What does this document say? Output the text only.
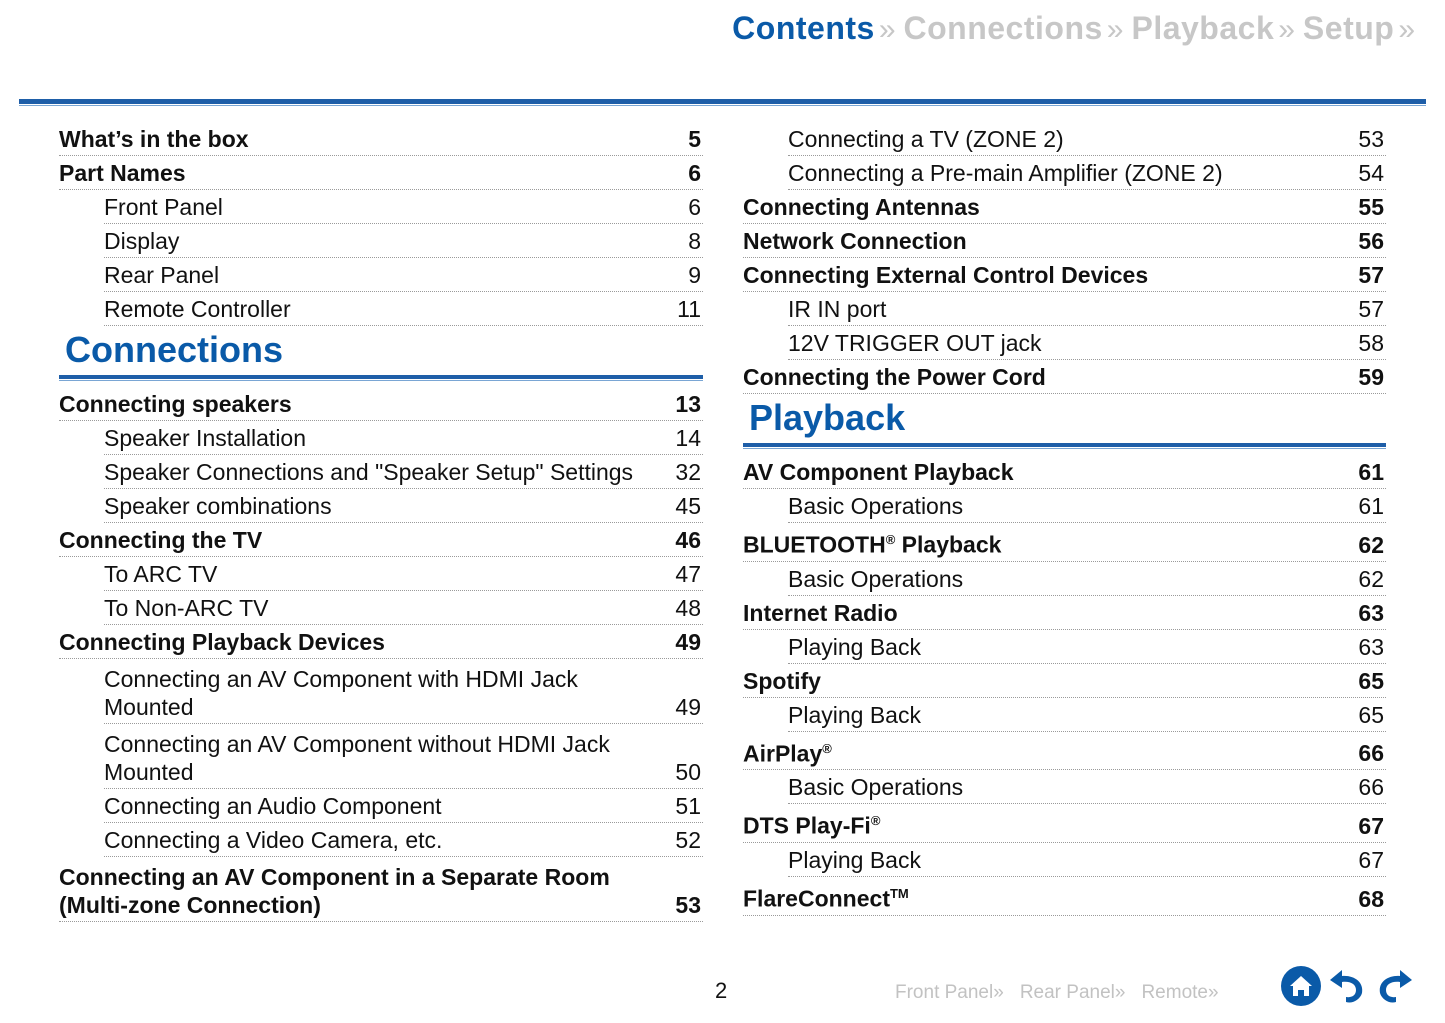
Contents » Connections » Playback » Setup »
What’s in the box	5
Part Names	6
Front Panel	6
Display	8
Rear Panel	9
Remote Controller	11
Connections
Connecting speakers	13
Speaker Installation	14
Speaker Connections and "Speaker Setup" Settings	32
Speaker combinations	45
Connecting the TV	46
To ARC TV	47
To Non-ARC TV	48
Connecting Playback Devices	49
Connecting an AV Component with HDMI Jack Mounted	49
Connecting an AV Component without HDMI Jack Mounted	50
Connecting an Audio Component	51
Connecting a Video Camera, etc.	52
Connecting an AV Component in a Separate Room (Multi-zone Connection)	53
Connecting a TV (ZONE 2)	53
Connecting a Pre-main Amplifier (ZONE 2)	54
Connecting Antennas	55
Network Connection	56
Connecting External Control Devices	57
IR IN port	57
12V TRIGGER OUT jack	58
Connecting the Power Cord	59
Playback
AV Component Playback	61
Basic Operations	61
BLUETOOTH® Playback	62
Basic Operations	62
Internet Radio	63
Playing Back	63
Spotify	65
Playing Back	65
AirPlay®	66
Basic Operations	66
DTS Play-Fi®	67
Playing Back	67
FlareConnect™	68
2	Front Panel » Rear Panel » Remote »
